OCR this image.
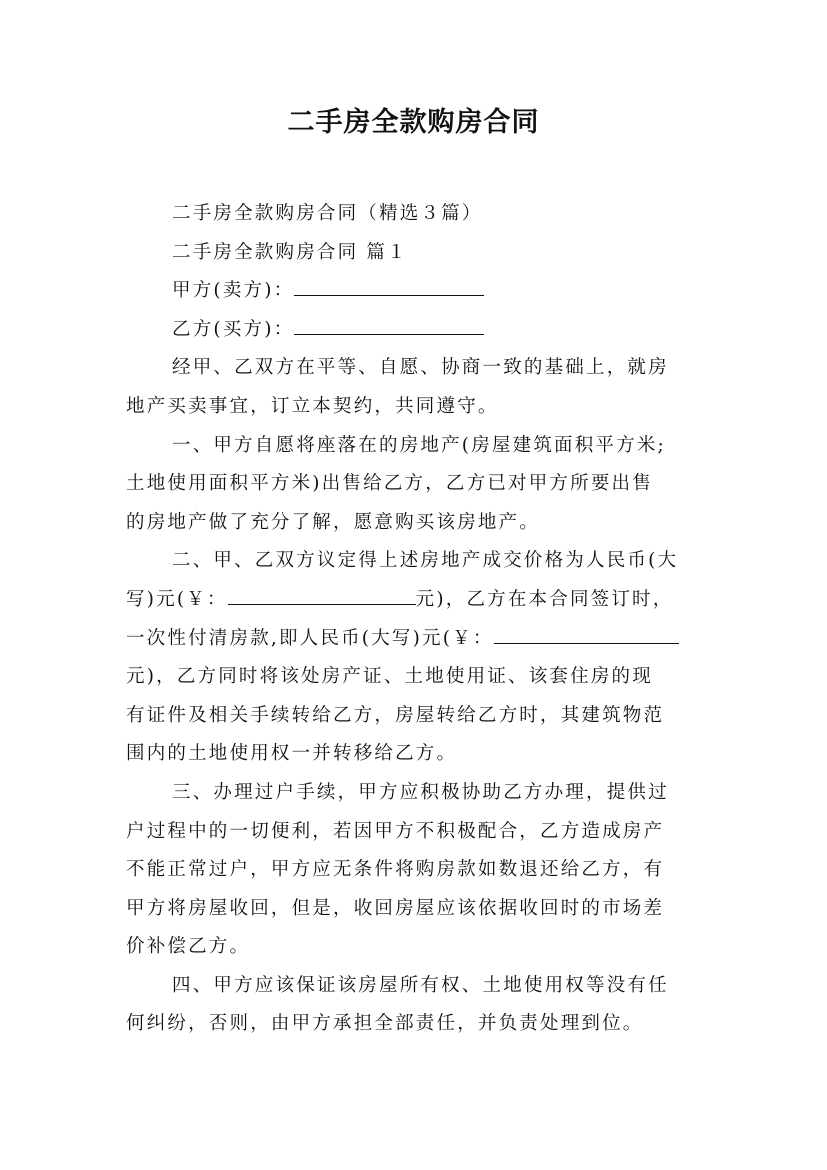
二手房全款购房合同

二手房全款购房合同（精选３篇）

二手房全款购房合同 篇１

甲方(卖方)：

乙方(买方)：

经甲、乙双方在平等、自愿、协商一致的基础上，就房

地产买卖事宜，订立本契约，共同遵守。

一、甲方自愿将座落在的房地产(房屋建筑面积平方米;

土地使用面积平方米)出售给乙方，乙方已对甲方所要出售

的房地产做了充分了解，愿意购买该房地产。

二、甲、乙双方议定得上述房地产成交价格为人民币(大

写)元(￥：	元)，乙方在本合同签订时，

一次性付清房款,即人民币(大写)元(￥：

元)，乙方同时将该处房产证、土地使用证、该套住房的现

有证件及相关手续转给乙方，房屋转给乙方时，其建筑物范

围内的土地使用权一并转移给乙方。

三、办理过户手续，甲方应积极协助乙方办理，提供过

户过程中的一切便利，若因甲方不积极配合，乙方造成房产

不能正常过户，甲方应无条件将购房款如数退还给乙方，有

甲方将房屋收回，但是，收回房屋应该依据收回时的市场差

价补偿乙方。

四、甲方应该保证该房屋所有权、土地使用权等没有任

何纠纷，否则，由甲方承担全部责任，并负责处理到位。
